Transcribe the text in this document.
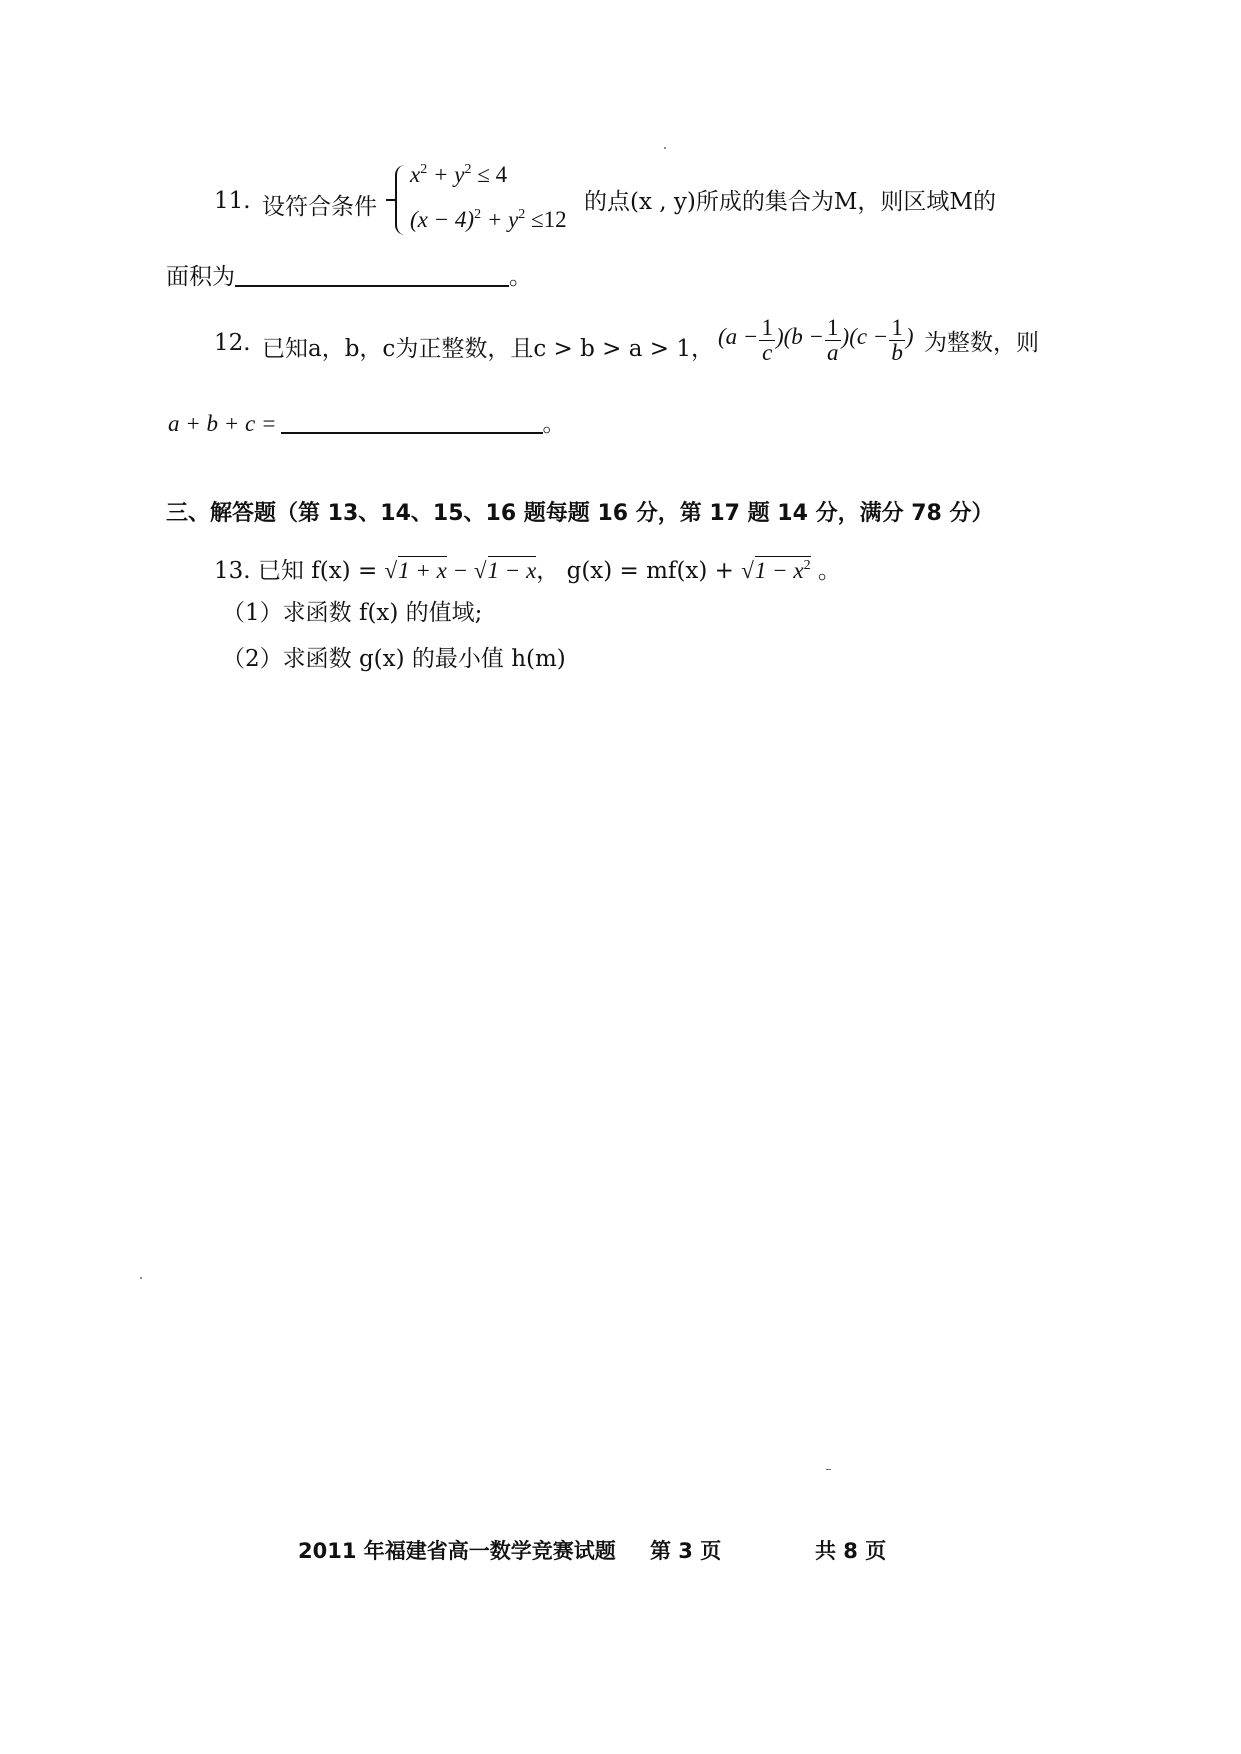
11. 设符合条件
$x^2 + y^2 \le 4$
$(x - 4)^2 + y^2 \le 12$
的点(x , y)所成的集合为M，则区域M的
面积为	。
12. 已知a，b，c为正整数，且c > b > a > 1， $(a - \frac{1}{c} )(b - \frac{1}{a} )(c - \frac{1}{b}$ ) 为整数，则
a + b + c =	。
三、解答题（第 13、14、15、16 题每题 16 分，第 17 题 14 分，满分 78 分）
13. 已知 f(x) = √1 + x − √1 − x， $g(x) = mf(x) + √1 - x^2$ 。
（1）求函数 f(x) 的值域;
（2）求函数 g(x) 的最小值 h(m)
2011 年福建省高一数学竞赛试题 第 3 页	共 8 页
